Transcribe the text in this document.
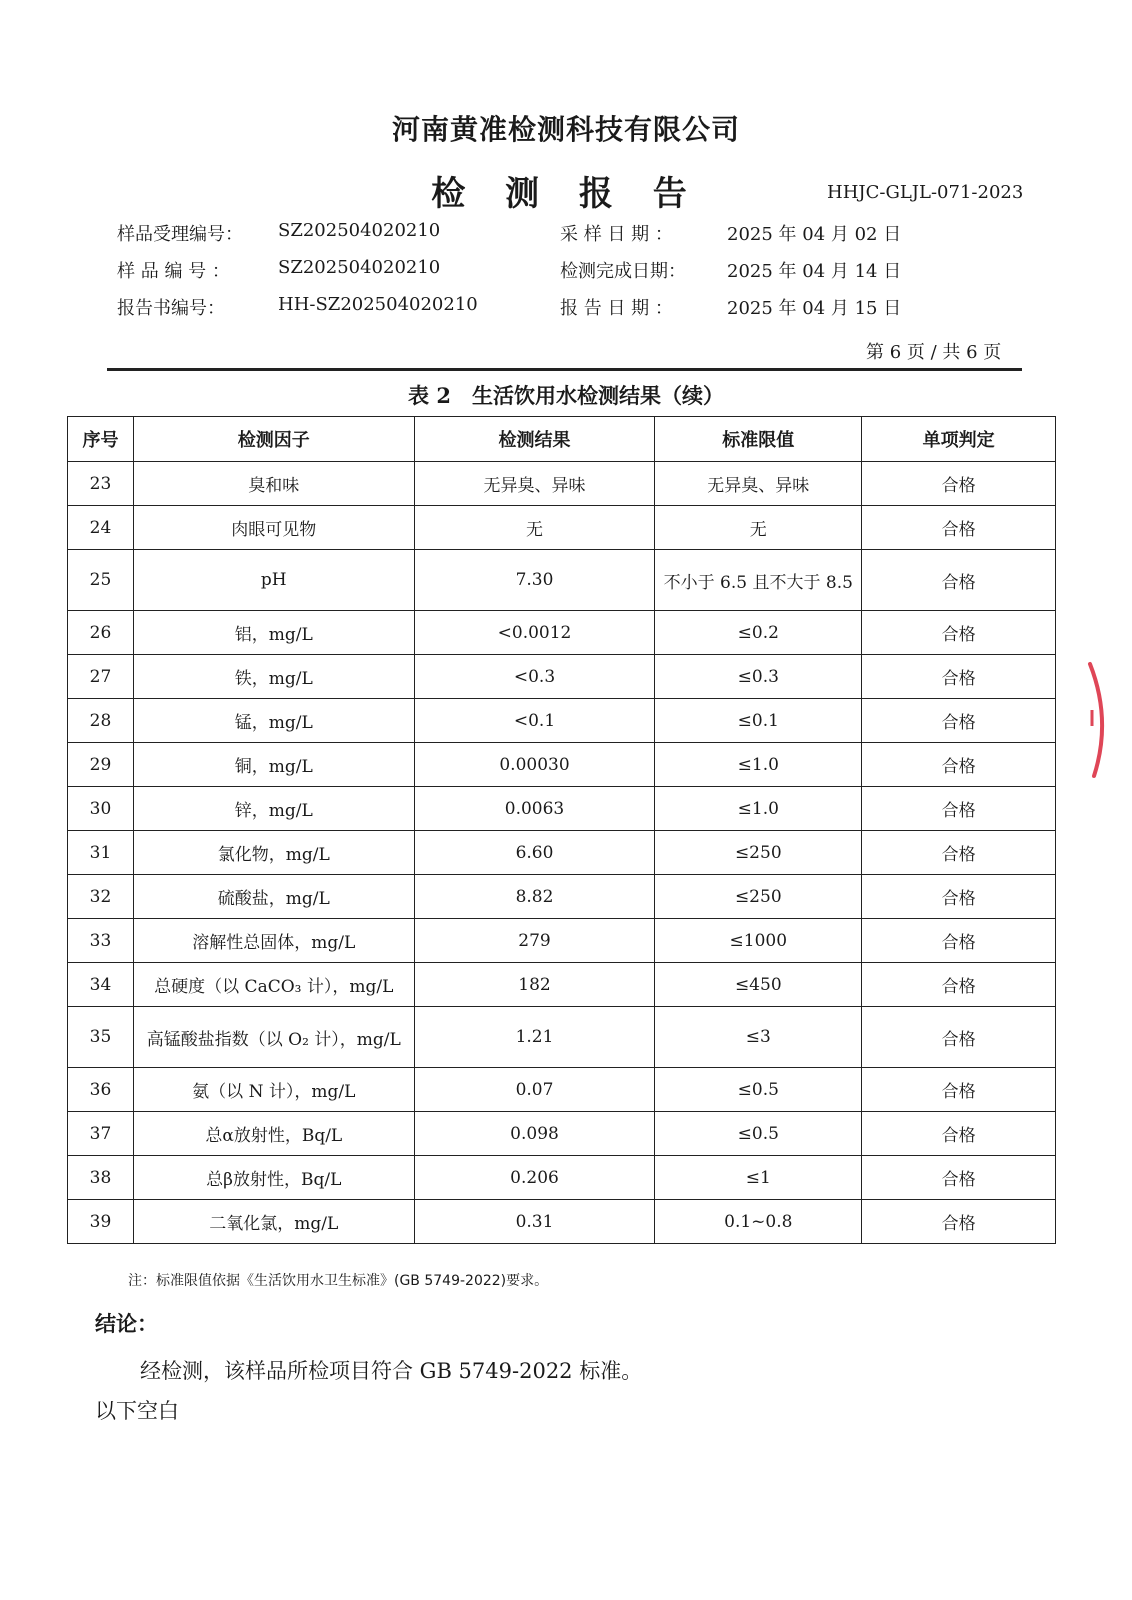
河南黄准检测科技有限公司
检 测 报 告	HHJC-GLJL-071-2023
样品受理编号： SZ202504020210
样 品 编 号 ：	SZ202504020210
报告书编号：	HH-SZ202504020210
采 样 日 期 ：	2025 年 04 月 02 日
检测完成日期： 2025 年 04 月 14 日
报 告 日 期 ：	2025 年 04 月 15 日
第 6 页 / 共 6 页
表 2　生活饮用水检测结果（续）
序号	检测因子	检测结果	标准限值	单项判定
23	臭和味	无异臭、异味	无异臭、异味	合格
24	肉眼可见物	无	无	合格
25	pH	7.30	不小于 6.5 且不大于 8.5	合格
26	铝，mg/L	<0.0012	≤0.2	合格
27	铁，mg/L	<0.3	≤0.3	合格
28	锰，mg/L	<0.1	≤0.1	合格
29	铜，mg/L	0.00030	≤1.0	合格
30	锌，mg/L	0.0063	≤1.0	合格
31	氯化物，mg/L	6.60	≤250	合格
32	硫酸盐，mg/L	8.82	≤250	合格
33	溶解性总固体，mg/L	279	≤1000	合格
34	总硬度（以 CaCO₃ 计），mg/L	182	≤450	合格
35	高锰酸盐指数（以 O₂ 计），mg/L	1.21	≤3	合格
36	氨（以 N 计），mg/L	0.07	≤0.5	合格
37	总α放射性，Bq/L	0.098	≤0.5	合格
38	总β放射性，Bq/L	0.206	≤1	合格
39	二氧化氯，mg/L	0.31	0.1~0.8	合格
注：标准限值依据《生活饮用水卫生标准》(GB 5749-2022)要求。
结论：
经检测，该样品所检项目符合 GB 5749-2022 标准。
以下空白
